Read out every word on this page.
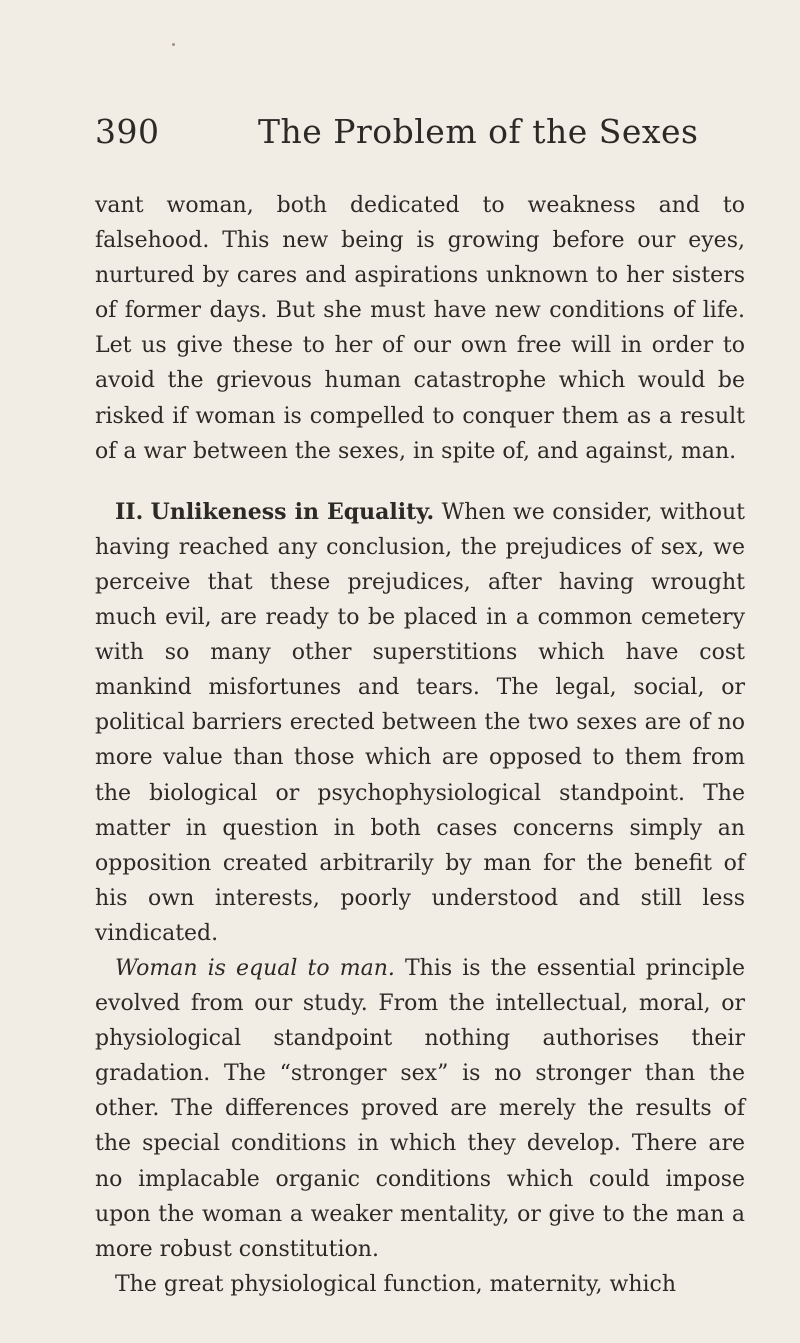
390	The Problem of the Sexes

vant woman, both dedicated to weakness and to falsehood. This new being is growing before our eyes, nurtured by cares and aspirations unknown to her sisters of former days. But she must have new conditions of life. Let us give these to her of our own free will in order to avoid the grievous human catastrophe which would be risked if woman is compelled to conquer them as a result of a war between the sexes, in spite of, and against, man.

II. Unlikeness in Equality. When we consider, without having reached any conclusion, the prejudices of sex, we perceive that these prejudices, after having wrought much evil, are ready to be placed in a common cemetery with so many other superstitions which have cost mankind misfortunes and tears. The legal, social, or political barriers erected between the two sexes are of no more value than those which are opposed to them from the biological or psychophysiological standpoint. The matter in question in both cases concerns simply an opposition created arbitrarily by man for the benefit of his own interests, poorly understood and still less vindicated.

Woman is equal to man. This is the essential principle evolved from our study. From the intellectual, moral, or physiological standpoint nothing authorises their gradation. The “stronger sex” is no stronger than the other. The differences proved are merely the results of the special conditions in which they develop. There are no implacable organic conditions which could impose upon the woman a weaker mentality, or give to the man a more robust constitution.

The great physiological function, maternity, which
